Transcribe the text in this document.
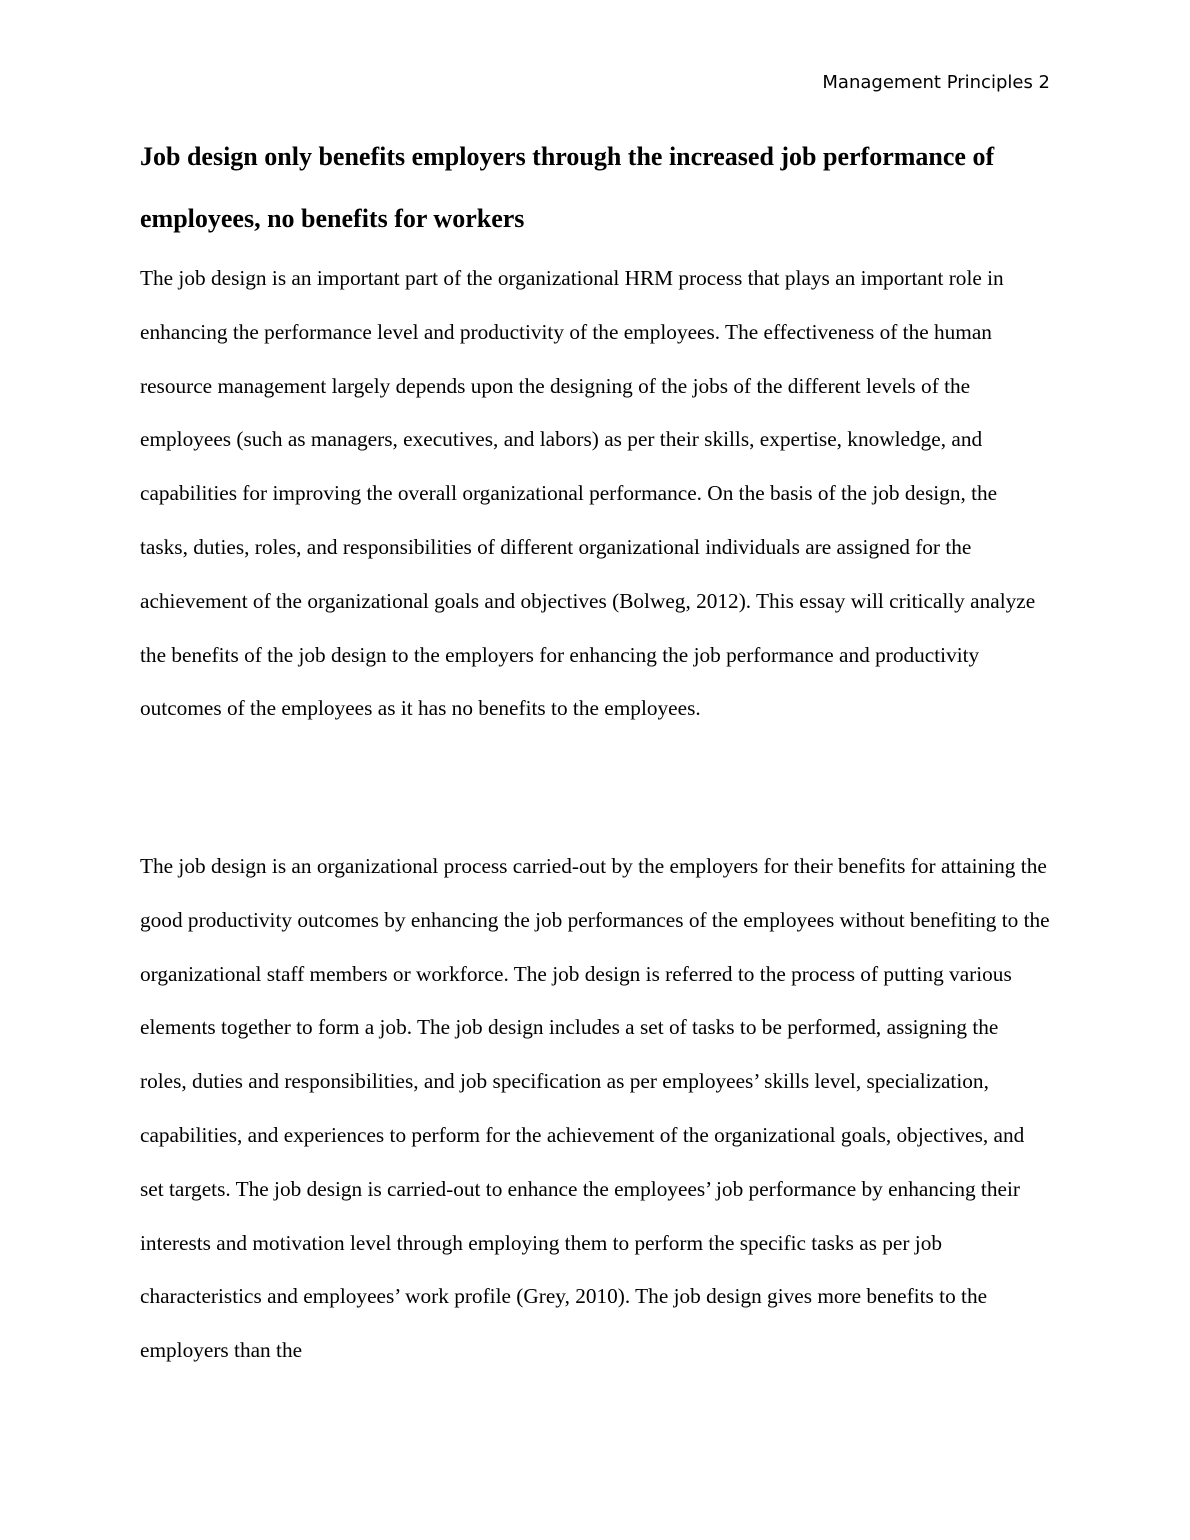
Management Principles 2
Job design only benefits employers through the increased job performance of employees, no benefits for workers

The job design is an important part of the organizational HRM process that plays an important role in enhancing the performance level and productivity of the employees. The effectiveness of the human resource management largely depends upon the designing of the jobs of the different levels of the employees (such as managers, executives, and labors) as per their skills, expertise, knowledge, and capabilities for improving the overall organizational performance. On the basis of the job design, the tasks, duties, roles, and responsibilities of different organizational individuals are assigned for the achievement of the organizational goals and objectives (Bolweg, 2012). This essay will critically analyze the benefits of the job design to the employers for enhancing the job performance and productivity outcomes of the employees as it has no benefits to the employees.

The job design is an organizational process carried-out by the employers for their benefits for attaining the good productivity outcomes by enhancing the job performances of the employees without benefiting to the organizational staff members or workforce. The job design is referred to the process of putting various elements together to form a job. The job design includes a set of tasks to be performed, assigning the roles, duties and responsibilities, and job specification as per employees’ skills level, specialization, capabilities, and experiences to perform for the achievement of the organizational goals, objectives, and set targets. The job design is carried-out to enhance the employees’ job performance by enhancing their interests and motivation level through employing them to perform the specific tasks as per job characteristics and employees’ work profile (Grey, 2010). The job design gives more benefits to the employers than the
